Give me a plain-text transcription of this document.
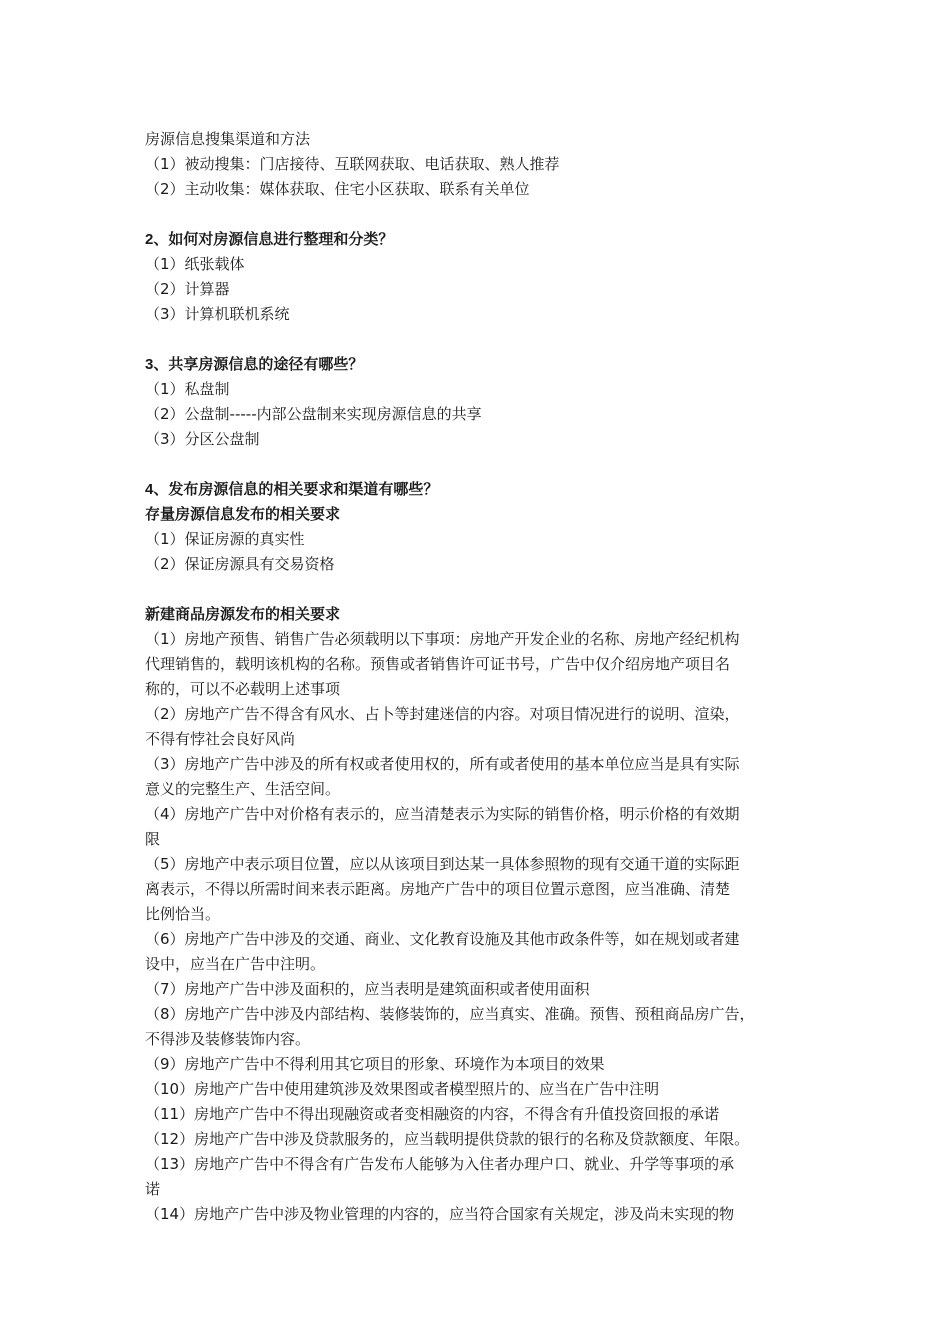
房源信息搜集渠道和方法
（1）被动搜集：门店接待、互联网获取、电话获取、熟人推荐
（2）主动收集：媒体获取、住宅小区获取、联系有关单位
2、如何对房源信息进行整理和分类？
（1）纸张载体
（2）计算器
（3）计算机联机系统
3、共享房源信息的途径有哪些？
（1）私盘制
（2）公盘制-----内部公盘制来实现房源信息的共享
（3）分区公盘制
4、发布房源信息的相关要求和渠道有哪些？
存量房源信息发布的相关要求
（1）保证房源的真实性
（2）保证房源具有交易资格
新建商品房源发布的相关要求
（1）房地产预售、销售广告必须载明以下事项：房地产开发企业的名称、房地产经纪机构
代理销售的，载明该机构的名称。预售或者销售许可证书号，广告中仅介绍房地产项目名
称的，可以不必载明上述事项
（2）房地产广告不得含有风水、占卜等封建迷信的内容。对项目情况进行的说明、渲染，
不得有悖社会良好风尚
（3）房地产广告中涉及的所有权或者使用权的，所有或者使用的基本单位应当是具有实际
意义的完整生产、生活空间。
（4）房地产广告中对价格有表示的，应当清楚表示为实际的销售价格，明示价格的有效期
限
（5）房地产中表示项目位置，应以从该项目到达某一具体参照物的现有交通干道的实际距
离表示，不得以所需时间来表示距离。房地产广告中的项目位置示意图，应当准确、清楚
比例恰当。
（6）房地产广告中涉及的交通、商业、文化教育设施及其他市政条件等，如在规划或者建
设中，应当在广告中注明。
（7）房地产广告中涉及面积的，应当表明是建筑面积或者使用面积
（8）房地产广告中涉及内部结构、装修装饰的，应当真实、准确。预售、预租商品房广告，
不得涉及装修装饰内容。
（9）房地产广告中不得利用其它项目的形象、环境作为本项目的效果
（10）房地产广告中使用建筑涉及效果图或者模型照片的、应当在广告中注明
（11）房地产广告中不得出现融资或者变相融资的内容，不得含有升值投资回报的承诺
（12）房地产广告中涉及贷款服务的，应当载明提供贷款的银行的名称及贷款额度、年限。
（13）房地产广告中不得含有广告发布人能够为入住者办理户口、就业、升学等事项的承
诺
（14）房地产广告中涉及物业管理的内容的，应当符合国家有关规定，涉及尚未实现的物
